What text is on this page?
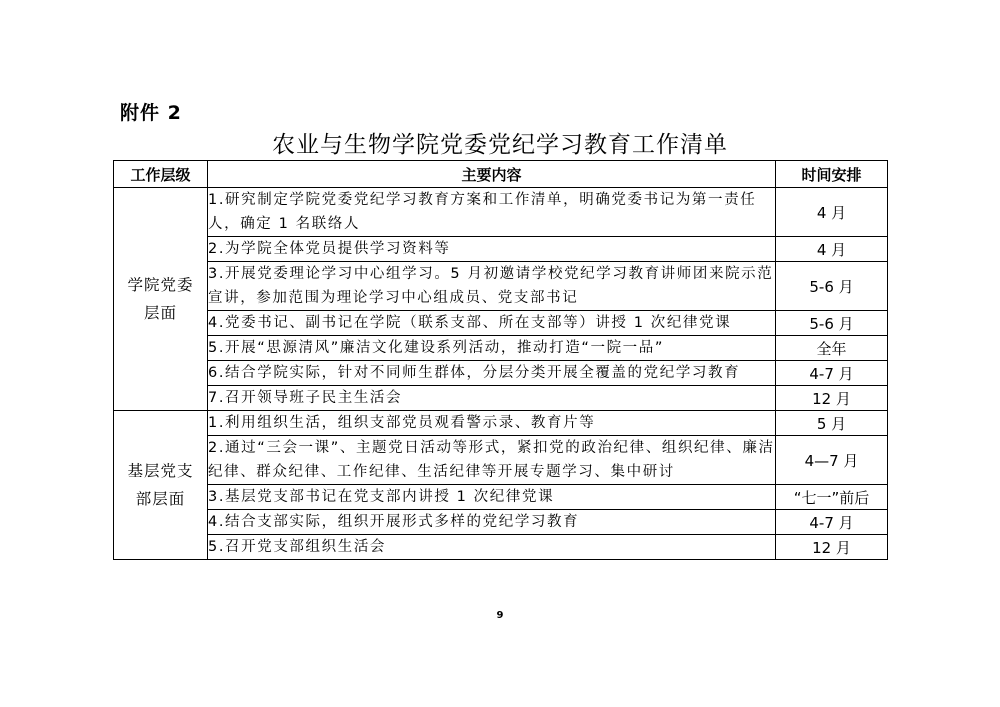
附件 2
农业与生物学院党委党纪学习教育工作清单
工作层级	主要内容	时间安排

学院党委
层面	1.研究制定学院党委党纪学习教育方案和工作清单，明确党委书记为第一责任人，确定 1 名联络人	4 月
	2.为学院全体党员提供学习资料等	4 月
	3.开展党委理论学习中心组学习。5 月初邀请学校党纪学习教育讲师团来院示范宣讲，参加范围为理论学习中心组成员、党支部书记	5-6 月
	4.党委书记、副书记在学院（联系支部、所在支部等）讲授 1 次纪律党课	5-6 月
	5.开展“思源清风”廉洁文化建设系列活动，推动打造“一院一品”	全年
	6.结合学院实际，针对不同师生群体，分层分类开展全覆盖的党纪学习教育	4-7 月
	7.召开领导班子民主生活会	12 月

基层党支
部层面	1.利用组织生活，组织支部党员观看警示录、教育片等	5 月
	2.通过“三会一课”、主题党日活动等形式，紧扣党的政治纪律、组织纪律、廉洁纪律、群众纪律、工作纪律、生活纪律等开展专题学习、集中研讨	4—7 月
	3.基层党支部书记在党支部内讲授 1 次纪律党课	“七一”前后
	4.结合支部实际，组织开展形式多样的党纪学习教育	4-7 月
	5.召开党支部组织生活会	12 月
9
